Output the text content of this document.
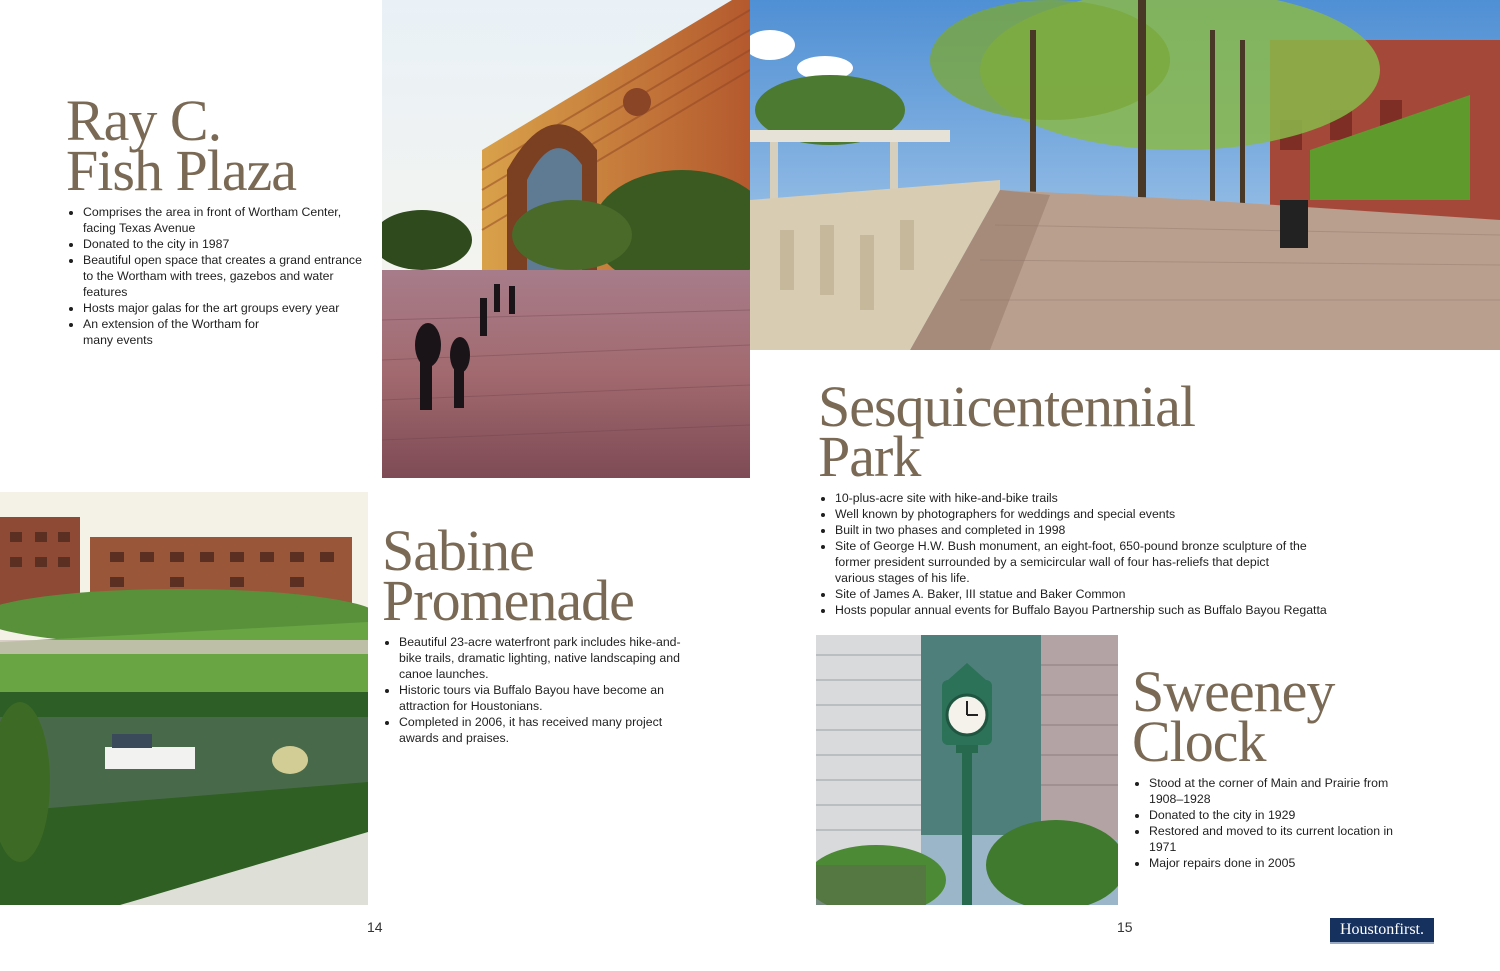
Ray C.
Fish Plaza
• Comprises the area in front of Wortham Center, facing Texas Avenue
• Donated to the city in 1987
• Beautiful open space that creates a grand entrance to the Wortham with trees, gazebos and water features
• Hosts major galas for the art groups every year
• An extension of the Wortham for many events
Sabine
Promenade
• Beautiful 23-acre waterfront park includes hike-and-bike trails, dramatic lighting, native landscaping and canoe launches.
• Historic tours via Buffalo Bayou have become an attraction for Houstonians.
• Completed in 2006, it has received many project awards and praises.
Sesquicentennial
Park
• 10-plus-acre site with hike-and-bike trails
• Well known by photographers for weddings and special events
• Built in two phases and completed in 1998
• Site of George H.W. Bush monument, an eight-foot, 650-pound bronze sculpture of the former president surrounded by a semicircular wall of four has-reliefs that depict various stages of his life.
• Site of James A. Baker, III statue and Baker Common
• Hosts popular annual events for Buffalo Bayou Partnership such as Buffalo Bayou Regatta
Sweeney
Clock
• Stood at the corner of Main and Prairie from 1908–1928
• Donated to the city in 1929
• Restored and moved to its current location in 1971
• Major repairs done in 2005
14	15	Houstonfirst.
